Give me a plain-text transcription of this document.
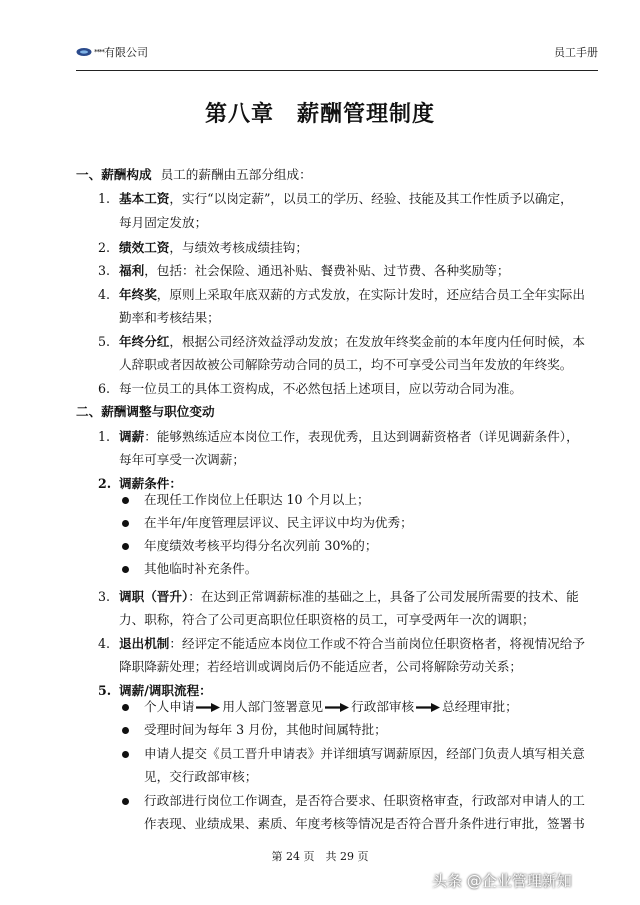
****有限公司	员工手册
第八章　薪酬管理制度
一、薪酬构成 员工的薪酬由五部分组成：
1. 基本工资，实行“以岗定薪”，以员工的学历、经验、技能及其工作性质予以确定，
每月固定发放；
2. 绩效工资，与绩效考核成绩挂钩；
3. 福利，包括：社会保险、通迅补贴、餐费补贴、过节费、各种奖励等；
4. 年终奖，原则上采取年底双薪的方式发放，在实际计发时，还应结合员工全年实际出
勤率和考核结果；
5. 年终分红，根据公司经济效益浮动发放；在发放年终奖金前的本年度内任何时候，本
人辞职或者因故被公司解除劳动合同的员工，均不可享受公司当年发放的年终奖。
6. 每一位员工的具体工资构成，不必然包括上述项目，应以劳动合同为准。
二、薪酬调整与职位变动
1. 调薪：能够熟练适应本岗位工作，表现优秀，且达到调薪资格者（详见调薪条件），
每年可享受一次调薪；
2. 调薪条件：
在现任工作岗位上任职达 10 个月以上；
在半年/年度管理层评议、民主评议中均为优秀；
年度绩效考核平均得分名次列前 30%的；
其他临时补充条件。
3. 调职（晋升）：在达到正常调薪标准的基础之上，具备了公司发展所需要的技术、能
力、职称，符合了公司更高职位任职资格的员工，可享受两年一次的调职；
4. 退出机制：经评定不能适应本岗位工作或不符合当前岗位任职资格者，将视情况给予
降职降薪处理；若经培训或调岗后仍不能适应者，公司将解除劳动关系；
5. 调薪/调职流程：
个人申请 用人部门签署意见 行政部审核 总经理审批；
受理时间为每年 3 月份，其他时间属特批；
申请人提交《员工晋升申请表》并详细填写调薪原因，经部门负责人填写相关意
见，交行政部审核；
行政部进行岗位工作调查，是否符合要求、任职资格审查，行政部对申请人的工
作表现、业绩成果、素质、年度考核等情况是否符合晋升条件进行审批，签署书
第 24 页　共 29 页
头条 @企业管理新知
